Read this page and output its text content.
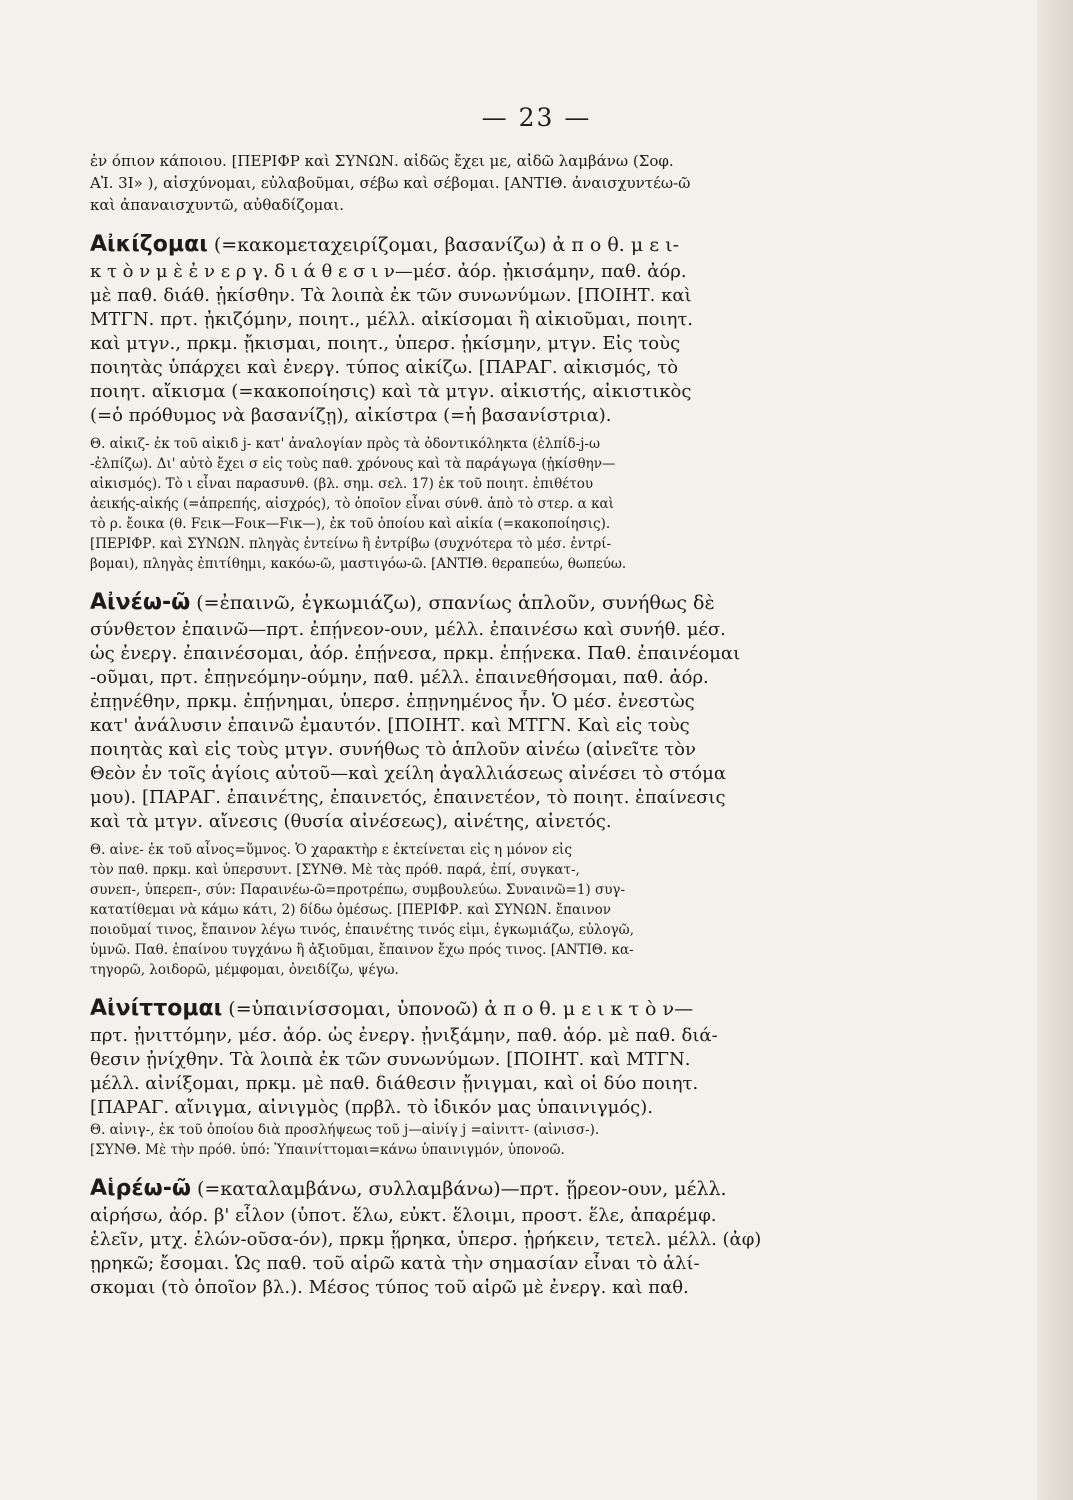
— 23 —
ἐν όπιον κάποιου. [ΠΕΡΙΦΡ καὶ ΣΥΝΩΝ. αἰδῶς ἔχει με, αἰδῶ λαμβάνω (Σοφ.
ΑἸ. 3Ι» ), αἰσχύνομαι, εὐλαβοῦμαι, σέβω καὶ σέβομαι. [ΑΝΤΙΘ. ἀναισχυντέω-ῶ
καὶ ἀπαναισχυντῶ, αὐθαδίζομαι.
Αἰκίζομαι (=κακομεταχειρίζομαι, βασανίζω) ἀ π ο θ. μ ε ι-
κ τ ὸ ν μ ὲ ἐ ν ε ρ γ. δ ι ά θ ε σ ι ν—μέσ. ἀόρ. ᾐκισάμην, παθ. ἀόρ.
μὲ παθ. διάθ. ᾐκίσθην. Τὰ λοιπὰ ἐκ τῶν συνωνύμων. [ΠΟΙΗΤ. καὶ
ΜΤΓΝ. πρτ. ᾐκιζόμην, ποιητ., μέλλ. αἰκίσομαι ἢ αἰκιοῦμαι, ποιητ.
καὶ μτγν., πρκμ. ᾔκισμαι, ποιητ., ὑπερσ. ᾐκίσμην, μτγν. Εἰς τοὺς
ποιητὰς ὑπάρχει καὶ ἐνεργ. τύπος αἰκίζω. [ΠΑΡΑΓ. αἰκισμός, τὸ
ποιητ. αἴκισμα (=κακοποίησις) καὶ τὰ μτγν. αἰκιστής, αἰκιστικὸς
(=ὁ πρόθυμος νὰ βασανίζῃ), αἰκίστρα (=ἡ βασανίστρια).
Θ. αἰκιζ- ἐκ τοῦ αἰκιδ j- κατ' ἀναλογίαν πρὸς τὰ ὀδοντικόληκτα (ἐλπίδ-j-ω
-ἐλπίζω). Δι' αὐτὸ ἔχει σ εἰς τοὺς παθ. χρόνους καὶ τὰ παράγωγα (ᾐκίσθην—
αἰκισμός). Τὸ ι εἶναι παρασυνθ. (βλ. σημ. σελ. 17) ἐκ τοῦ ποιητ. ἐπιθέτου
ἀεικής-αἰκής (=ἀπρεπής, αἰσχρός), τὸ ὁποῖον εἶναι σύνθ. ἀπὸ τὸ στερ. α καὶ
τὸ ρ. ἔοικα (θ. Fεικ—Fοικ—Fικ—), ἐκ τοῦ ὁποίου καὶ αἰκία (=κακοποίησις).
[ΠΕΡΙΦΡ. καὶ ΣΥΝΩΝ. πληγὰς ἐντείνω ἢ ἐντρίβω (συχνότερα τὸ μέσ. ἐντρί-
βομαι), πληγὰς ἐπιτίθημι, κακόω-ῶ, μαστιγόω-ῶ. [ΑΝΤΙΘ. θεραπεύω, θωπεύω.
Αἰνέω-ῶ (=ἐπαινῶ, ἐγκωμιάζω), σπανίως ἁπλοῦν, συνήθως δὲ
σύνθετον ἐπαινῶ—πρτ. ἐπῄνεον-ουν, μέλλ. ἐπαινέσω καὶ συνήθ. μέσ.
ὡς ἐνεργ. ἐπαινέσομαι, ἀόρ. ἐπῄνεσα, πρκμ. ἐπῄνεκα. Παθ. ἐπαινέομαι
-οῦμαι, πρτ. ἐπῃνεόμην-ούμην, παθ. μέλλ. ἐπαινεθήσομαι, παθ. ἀόρ.
ἐπῃνέθην, πρκμ. ἐπῄνημαι, ὑπερσ. ἐπῃνημένος ἦν. Ὁ μέσ. ἐνεστὼς
κατ' ἀνάλυσιν ἐπαινῶ ἐμαυτόν. [ΠΟΙΗΤ. καὶ ΜΤΓΝ. Καὶ εἰς τοὺς
ποιητὰς καὶ εἰς τοὺς μτγν. συνήθως τὸ ἁπλοῦν αἰνέω (αἰνεῖτε τὸν
Θεὸν ἐν τοῖς ἁγίοις αὐτοῦ—καὶ χείλη ἀγαλλιάσεως αἰνέσει τὸ στόμα
μου). [ΠΑΡΑΓ. ἐπαινέτης, ἐπαινετός, ἐπαινετέον, τὸ ποιητ. ἐπαίνεσις
καὶ τὰ μτγν. αἴνεσις (θυσία αἰνέσεως), αἰνέτης, αἰνετός.
Θ. αἰνε- ἐκ τοῦ αἶνος=ὕμνος. Ὁ χαρακτὴρ ε ἐκτείνεται εἰς η μόνον εἰς
τὸν παθ. πρκμ. καὶ ὑπερσυντ. [ΣΥΝΘ. Μὲ τὰς πρόθ. παρά, ἐπί, συγκατ-,
συνεπ-, ὑπερεπ-, σύν: Παραινέω-ῶ=προτρέπω, συμβουλεύω. Συναινῶ=1) συγ-
κατατίθεμαι νὰ κάμω κάτι, 2) δίδω ὁμέσως. [ΠΕΡΙΦΡ. καὶ ΣΥΝΩΝ. ἔπαινον
ποιοῦμαί τινος, ἔπαινον λέγω τινός, ἐπαινέτης τινός εἰμι, ἐγκωμιάζω, εὐλογῶ,
ὑμνῶ. Παθ. ἐπαίνου τυγχάνω ἢ ἀξιοῦμαι, ἔπαινον ἔχω πρός τινος. [ΑΝΤΙΘ. κα-
τηγορῶ, λοιδορῶ, μέμφομαι, ὀνειδίζω, ψέγω.
Αἰνίττομαι (=ὑπαινίσσομαι, ὑπονοῶ) ἀ π ο θ. μ ε ι κ τ ὸ ν—
πρτ. ᾐνιττόμην, μέσ. ἀόρ. ὡς ἐνεργ. ᾐνιξάμην, παθ. ἀόρ. μὲ παθ. διά-
θεσιν ᾐνίχθην. Τὰ λοιπὰ ἐκ τῶν συνωνύμων. [ΠΟΙΗΤ. καὶ ΜΤΓΝ.
μέλλ. αἰνίξομαι, πρκμ. μὲ παθ. διάθεσιν ᾔνιγμαι, καὶ οἱ δύο ποιητ.
[ΠΑΡΑΓ. αἴνιγμα, αἰνιγμὸς (πρβλ. τὸ ἰδικόν μας ὑπαινιγμός).
Θ. αἰνιγ-, ἐκ τοῦ ὁποίου διὰ προσλήψεως τοῦ j—αἰνίγ j =αἰνιττ- (αἰνισσ-).
[ΣΥΝΘ. Μὲ τὴν πρόθ. ὑπό: Ὑπαινίττομαι=κάνω ὑπαινιγμόν, ὑπονοῶ.
Αἱρέω-ῶ (=καταλαμβάνω, συλλαμβάνω)—πρτ. ᾕρεον-ουν, μέλλ.
αἱρήσω, ἀόρ. β' εἷλον (ὑποτ. ἕλω, εὐκτ. ἕλοιμι, προστ. ἕλε, ἀπαρέμφ.
ἑλεῖν, μτχ. ἑλών-οῦσα-όν), πρκμ ᾕρηκα, ὑπερσ. ᾑρήκειν, τετελ. μέλλ. (ἀφ)
ῃρηκῶ; ἔσομαι. Ὡς παθ. τοῦ αἱρῶ κατὰ τὴν σημασίαν εἶναι τὸ ἁλί-
σκομαι (τὸ ὁποῖον βλ.). Μέσος τύπος τοῦ αἱρῶ μὲ ἐνεργ. καὶ παθ.
